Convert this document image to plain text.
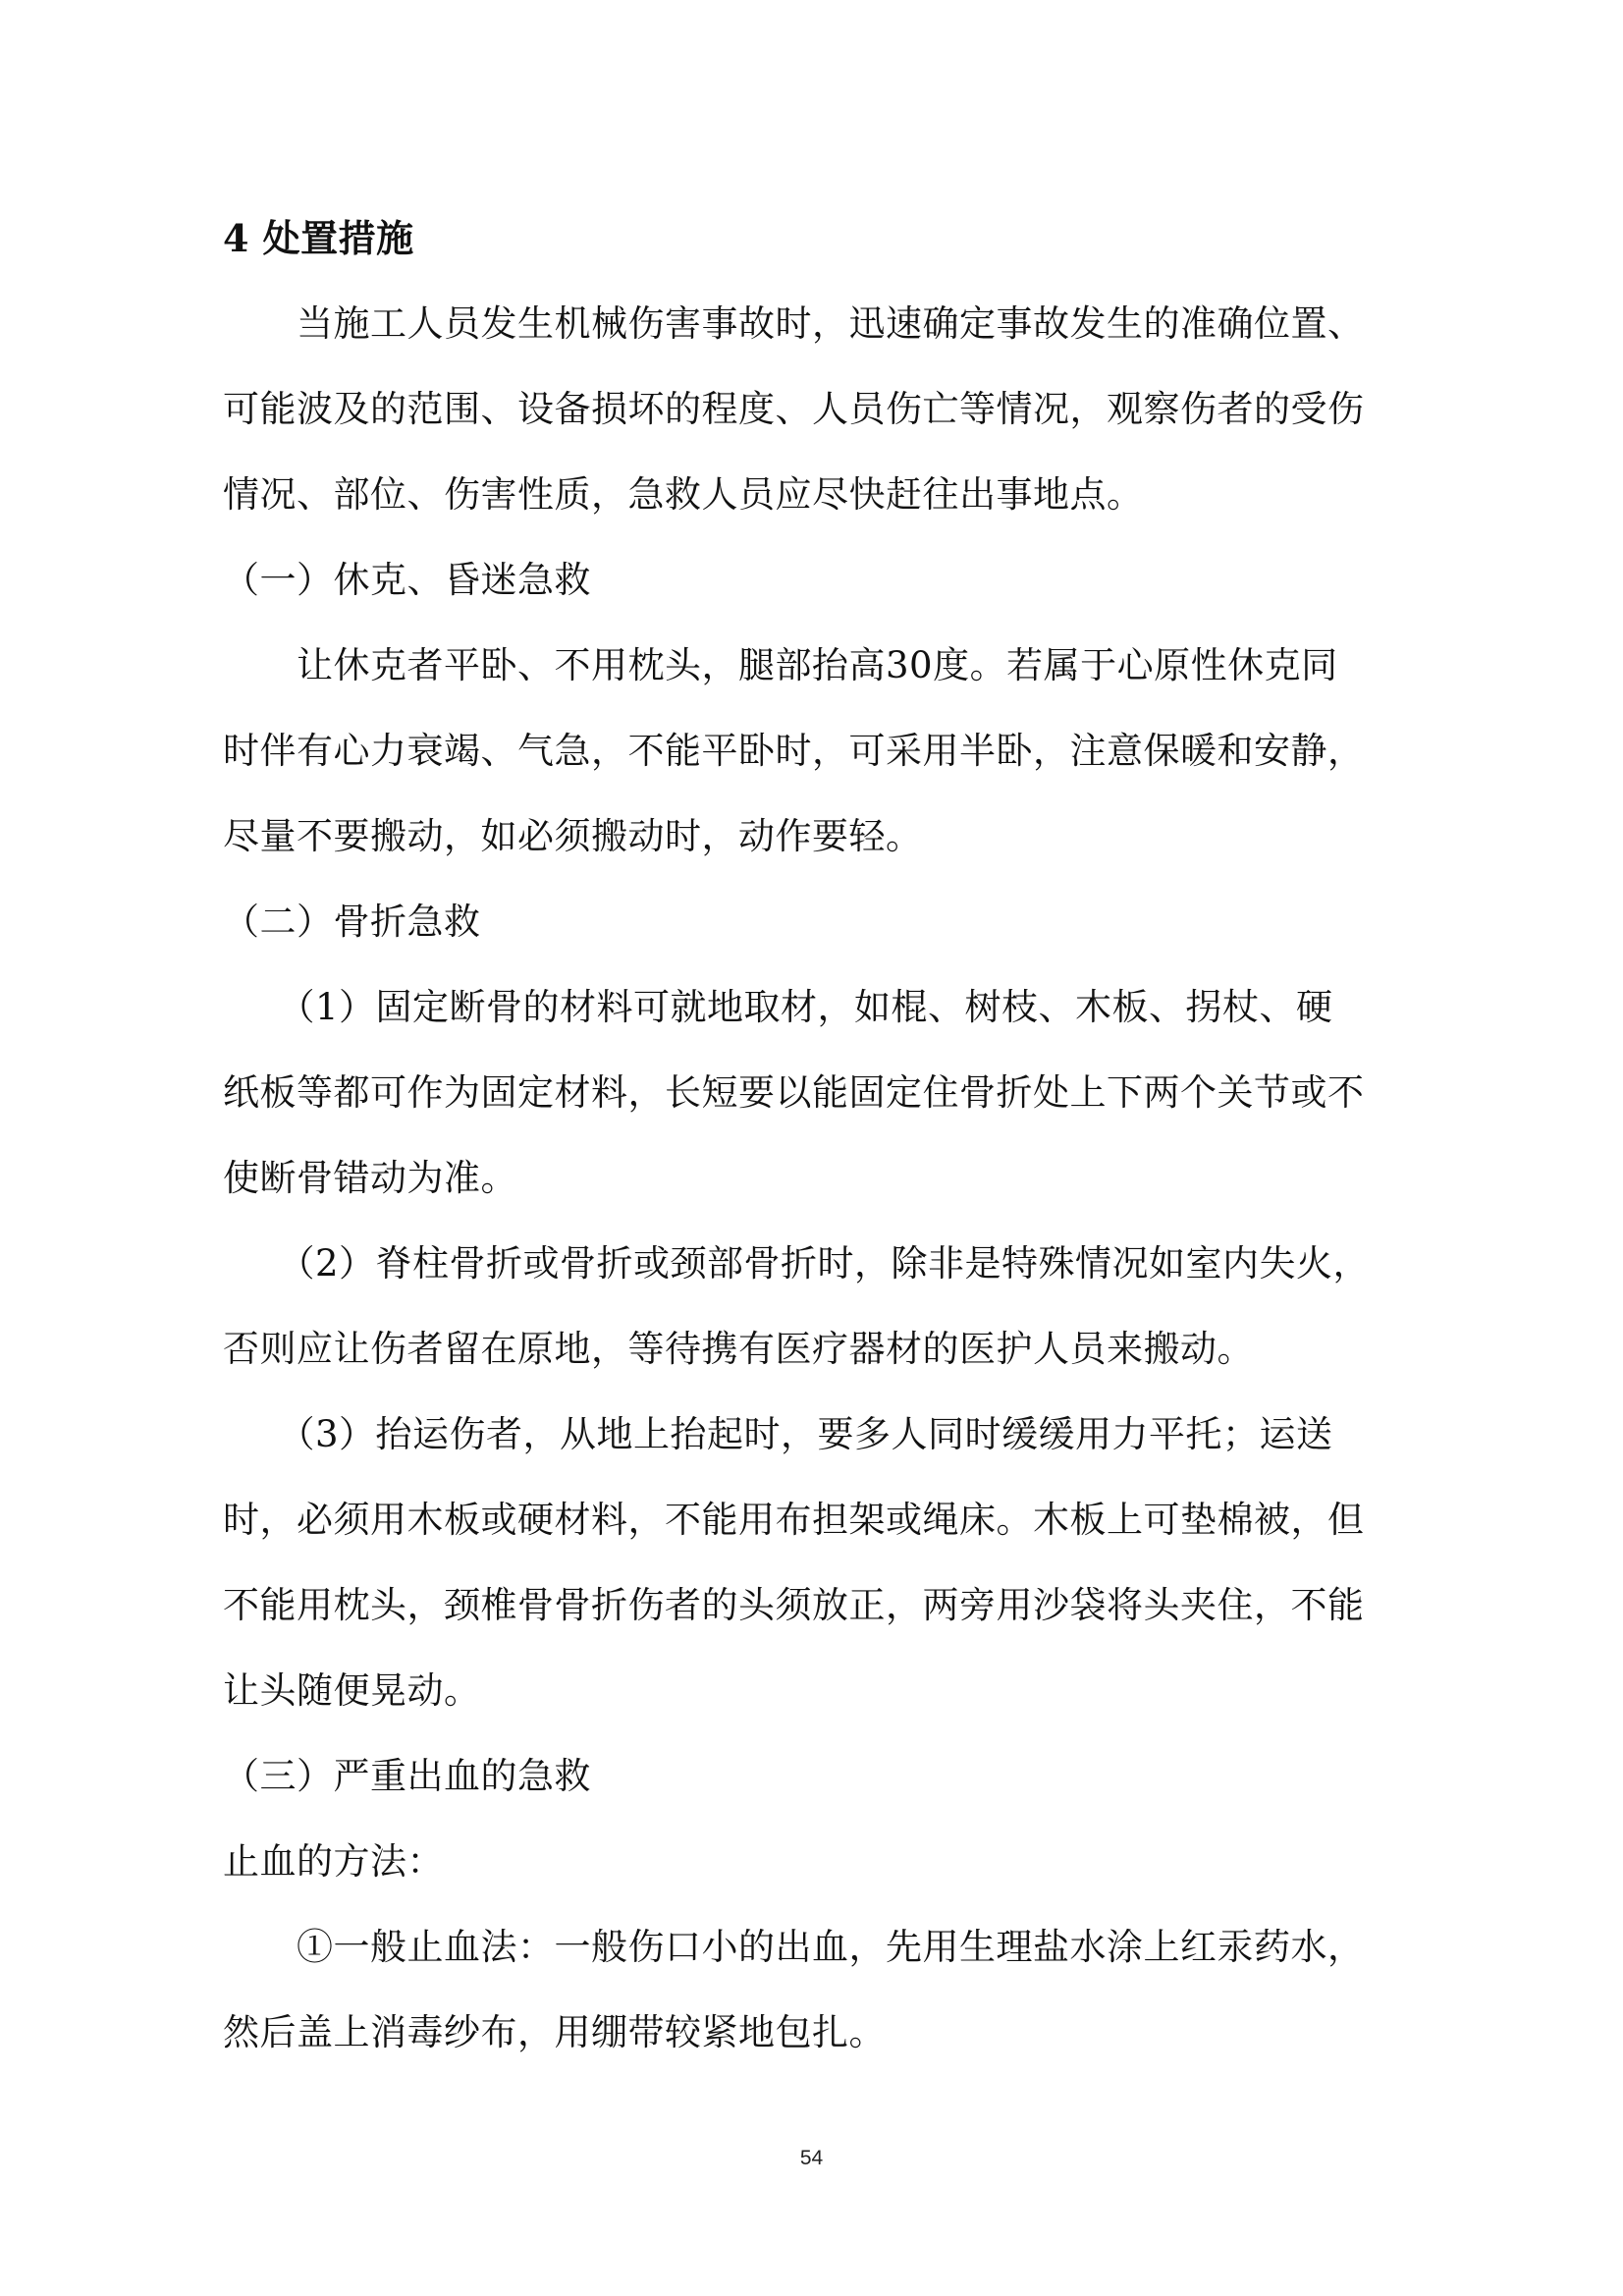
4 处置措施
　　当施工人员发生机械伤害事故时，迅速确定事故发生的准确位置、
可能波及的范围、设备损坏的程度、人员伤亡等情况，观察伤者的受伤
情况、部位、伤害性质，急救人员应尽快赶往出事地点。
（一）休克、昏迷急救
　　让休克者平卧、不用枕头，腿部抬高30度。若属于心原性休克同
时伴有心力衰竭、气急，不能平卧时，可采用半卧，注意保暖和安静，
尽量不要搬动，如必须搬动时，动作要轻。
（二）骨折急救
　　（1）固定断骨的材料可就地取材，如棍、树枝、木板、拐杖、硬
纸板等都可作为固定材料，长短要以能固定住骨折处上下两个关节或不
使断骨错动为准。
　　（2）脊柱骨折或骨折或颈部骨折时，除非是特殊情况如室内失火，
否则应让伤者留在原地，等待携有医疗器材的医护人员来搬动。
　　（3）抬运伤者，从地上抬起时，要多人同时缓缓用力平托；运送
时，必须用木板或硬材料，不能用布担架或绳床。木板上可垫棉被，但
不能用枕头，颈椎骨骨折伤者的头须放正，两旁用沙袋将头夹住，不能
让头随便晃动。
（三）严重出血的急救
止血的方法：
　　①一般止血法：一般伤口小的出血，先用生理盐水涂上红汞药水，
然后盖上消毒纱布，用绷带较紧地包扎。
54
